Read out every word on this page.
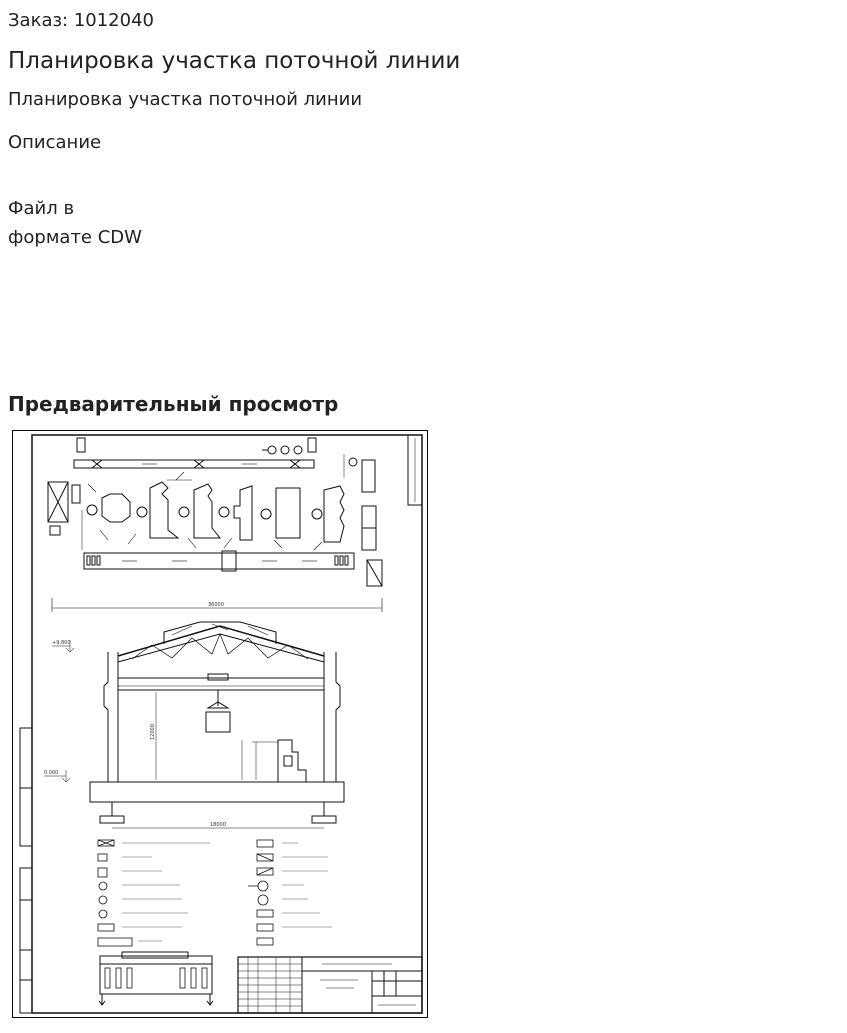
Заказ: 1012040
Планировка участка поточной линии
Планировка участка поточной линии
Описание
Файл в
формате CDW
Предварительный просмотр
36000
12000
+9.800
0.000
18000
